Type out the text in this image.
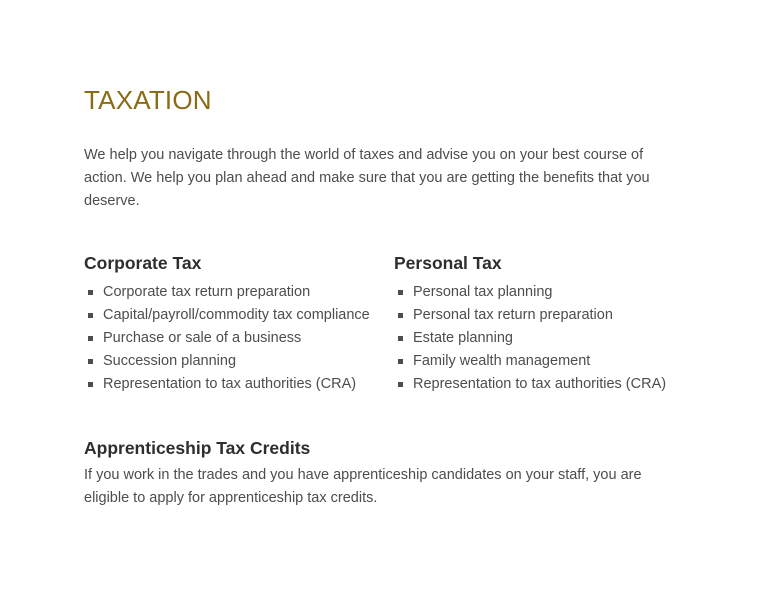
TAXATION

We help you navigate through the world of taxes and advise you on your best course of action. We help you plan ahead and make sure that you are getting the benefits that you deserve.

Corporate Tax
Corporate tax return preparation
Capital/payroll/commodity tax compliance
Purchase or sale of a business
Succession planning
Representation to tax authorities (CRA)
Personal Tax
Personal tax planning
Personal tax return preparation
Estate planning
Family wealth management
Representation to tax authorities (CRA)
Apprenticeship Tax Credits

If you work in the trades and you have apprenticeship candidates on your staff, you are eligible to apply for apprenticeship tax credits.
